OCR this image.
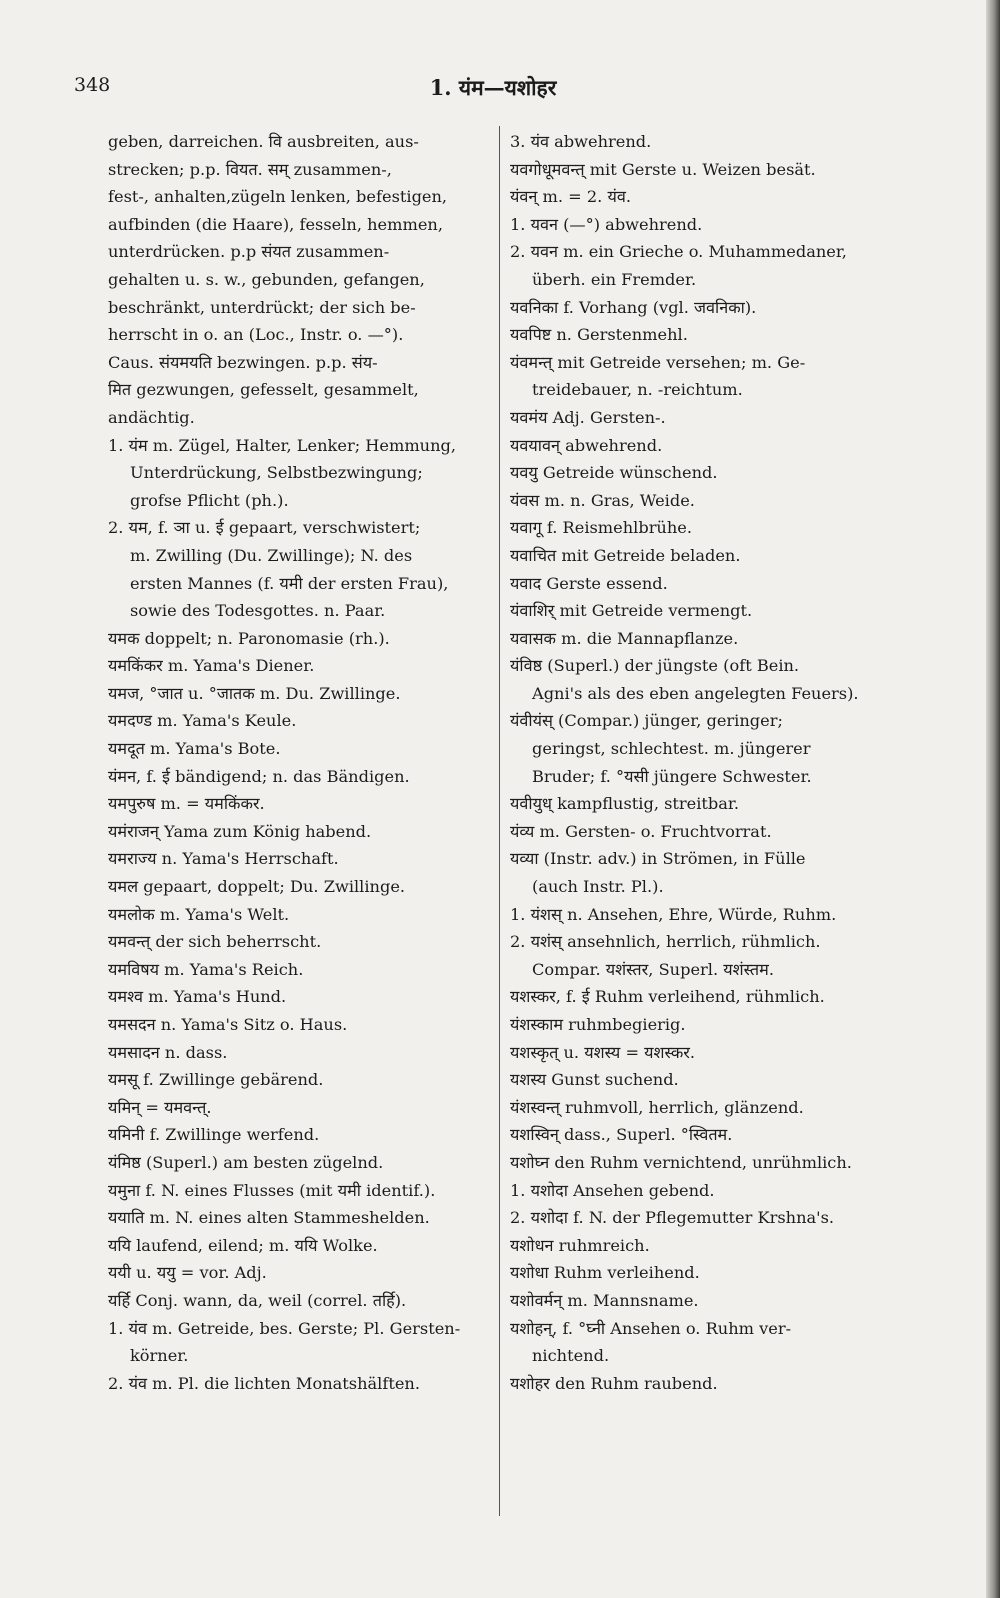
348	1. यंम—यशोहर
geben, darreichen. वि ausbreiten, aus-
strecken; p.p. वियत. सम् zusammen-,
fest-, anhalten,zügeln lenken, befestigen,
aufbinden (die Haare), fesseln, hemmen,
unterdrücken. p.p संयत zusammen-
gehalten u. s. w., gebunden, gefangen,
beschränkt, unterdrückt; der sich be-
herrscht in o. an (Loc., Instr. o. —°).
Caus. संयमयति bezwingen. p.p. संय-
मित gezwungen, gefesselt, gesammelt,
andächtig.
1. यंम m. Zügel, Halter, Lenker; Hemmung,
Unterdrückung, Selbstbezwingung;
grofse Pflicht (ph.).
2. यम, f. ञा u. ई gepaart, verschwistert;
m. Zwilling (Du. Zwillinge); N. des
ersten Mannes (f. यमी der ersten Frau),
sowie des Todesgottes. n. Paar.
यमक doppelt; n. Paronomasie (rh.).
यमकिंकर m. Yama's Diener.
यमज, °जात u. °जातक m. Du. Zwillinge.
यमदण्ड m. Yama's Keule.
यमदूत m. Yama's Bote.
यंमन, f. ई bändigend; n. das Bändigen.
यमपुरुष m. = यमकिंकर.
यमंराजन् Yama zum König habend.
यमराज्य n. Yama's Herrschaft.
यमल gepaart, doppelt; Du. Zwillinge.
यमलोक m. Yama's Welt.
यमवन्त् der sich beherrscht.
यमविषय m. Yama's Reich.
यमश्व m. Yama's Hund.
यमसदन n. Yama's Sitz o. Haus.
यमसादन n. dass.
यमसू f. Zwillinge gebärend.
यमिन् = यमवन्त्.
यमिनी f. Zwillinge werfend.
यंमिष्ठ (Superl.) am besten zügelnd.
यमुना f. N. eines Flusses (mit यमी identif.).
ययाति m. N. eines alten Stammeshelden.
ययि laufend, eilend; m. ययि Wolke.
ययी u. ययु = vor. Adj.
यर्हि Conj. wann, da, weil (correl. तर्हि).
1. यंव m. Getreide, bes. Gerste; Pl. Gersten-
körner.
2. यंव m. Pl. die lichten Monatshälften.
3. यंव abwehrend.
यवगोधूमवन्त् mit Gerste u. Weizen besät.
यंवन् m. = 2. यंव.
1. यवन (—°) abwehrend.
2. यवन m. ein Grieche o. Muhammedaner,
überh. ein Fremder.
यवनिका f. Vorhang (vgl. जवनिका).
यवपिष्ट n. Gerstenmehl.
यंवमन्त् mit Getreide versehen; m. Ge-
treidebauer, n. -reichtum.
यवमंय Adj. Gersten-.
यवयावन् abwehrend.
यवयु Getreide wünschend.
यंवस m. n. Gras, Weide.
यवागू f. Reismehlbrühe.
यवाचित mit Getreide beladen.
यवाद Gerste essend.
यंवाशिर् mit Getreide vermengt.
यवासक m. die Mannapflanze.
यंविष्ठ (Superl.) der jüngste (oft Bein.
Agni's als des eben angelegten Feuers).
यंवीयंस् (Compar.) jünger, geringer;
geringst, schlechtest. m. jüngerer
Bruder; f. °यसी jüngere Schwester.
यवीयुध् kampflustig, streitbar.
यंव्य m. Gersten- o. Fruchtvorrat.
यव्या (Instr. adv.) in Strömen, in Fülle
(auch Instr. Pl.).
1. यंशस् n. Ansehen, Ehre, Würde, Ruhm.
2. यशंस् ansehnlich, herrlich, rühmlich.
Compar. यशंस्तर, Superl. यशंस्तम.
यशस्कर, f. ई Ruhm verleihend, rühmlich.
यंशस्काम ruhmbegierig.
यशस्कृत् u. यशस्य = यशस्कर.
यशस्य Gunst suchend.
यंशस्वन्त् ruhmvoll, herrlich, glänzend.
यशस्विन् dass., Superl. °स्वितम.
यशोघ्न den Ruhm vernichtend, unrühmlich.
1. यशोदा Ansehen gebend.
2. यशोदा f. N. der Pflegemutter Krshna's.
यशोधन ruhmreich.
यशोधा Ruhm verleihend.
यशोवर्मन् m. Mannsname.
यशोहन्, f. °घ्नी Ansehen o. Ruhm ver-
nichtend.
यशोहर den Ruhm raubend.
